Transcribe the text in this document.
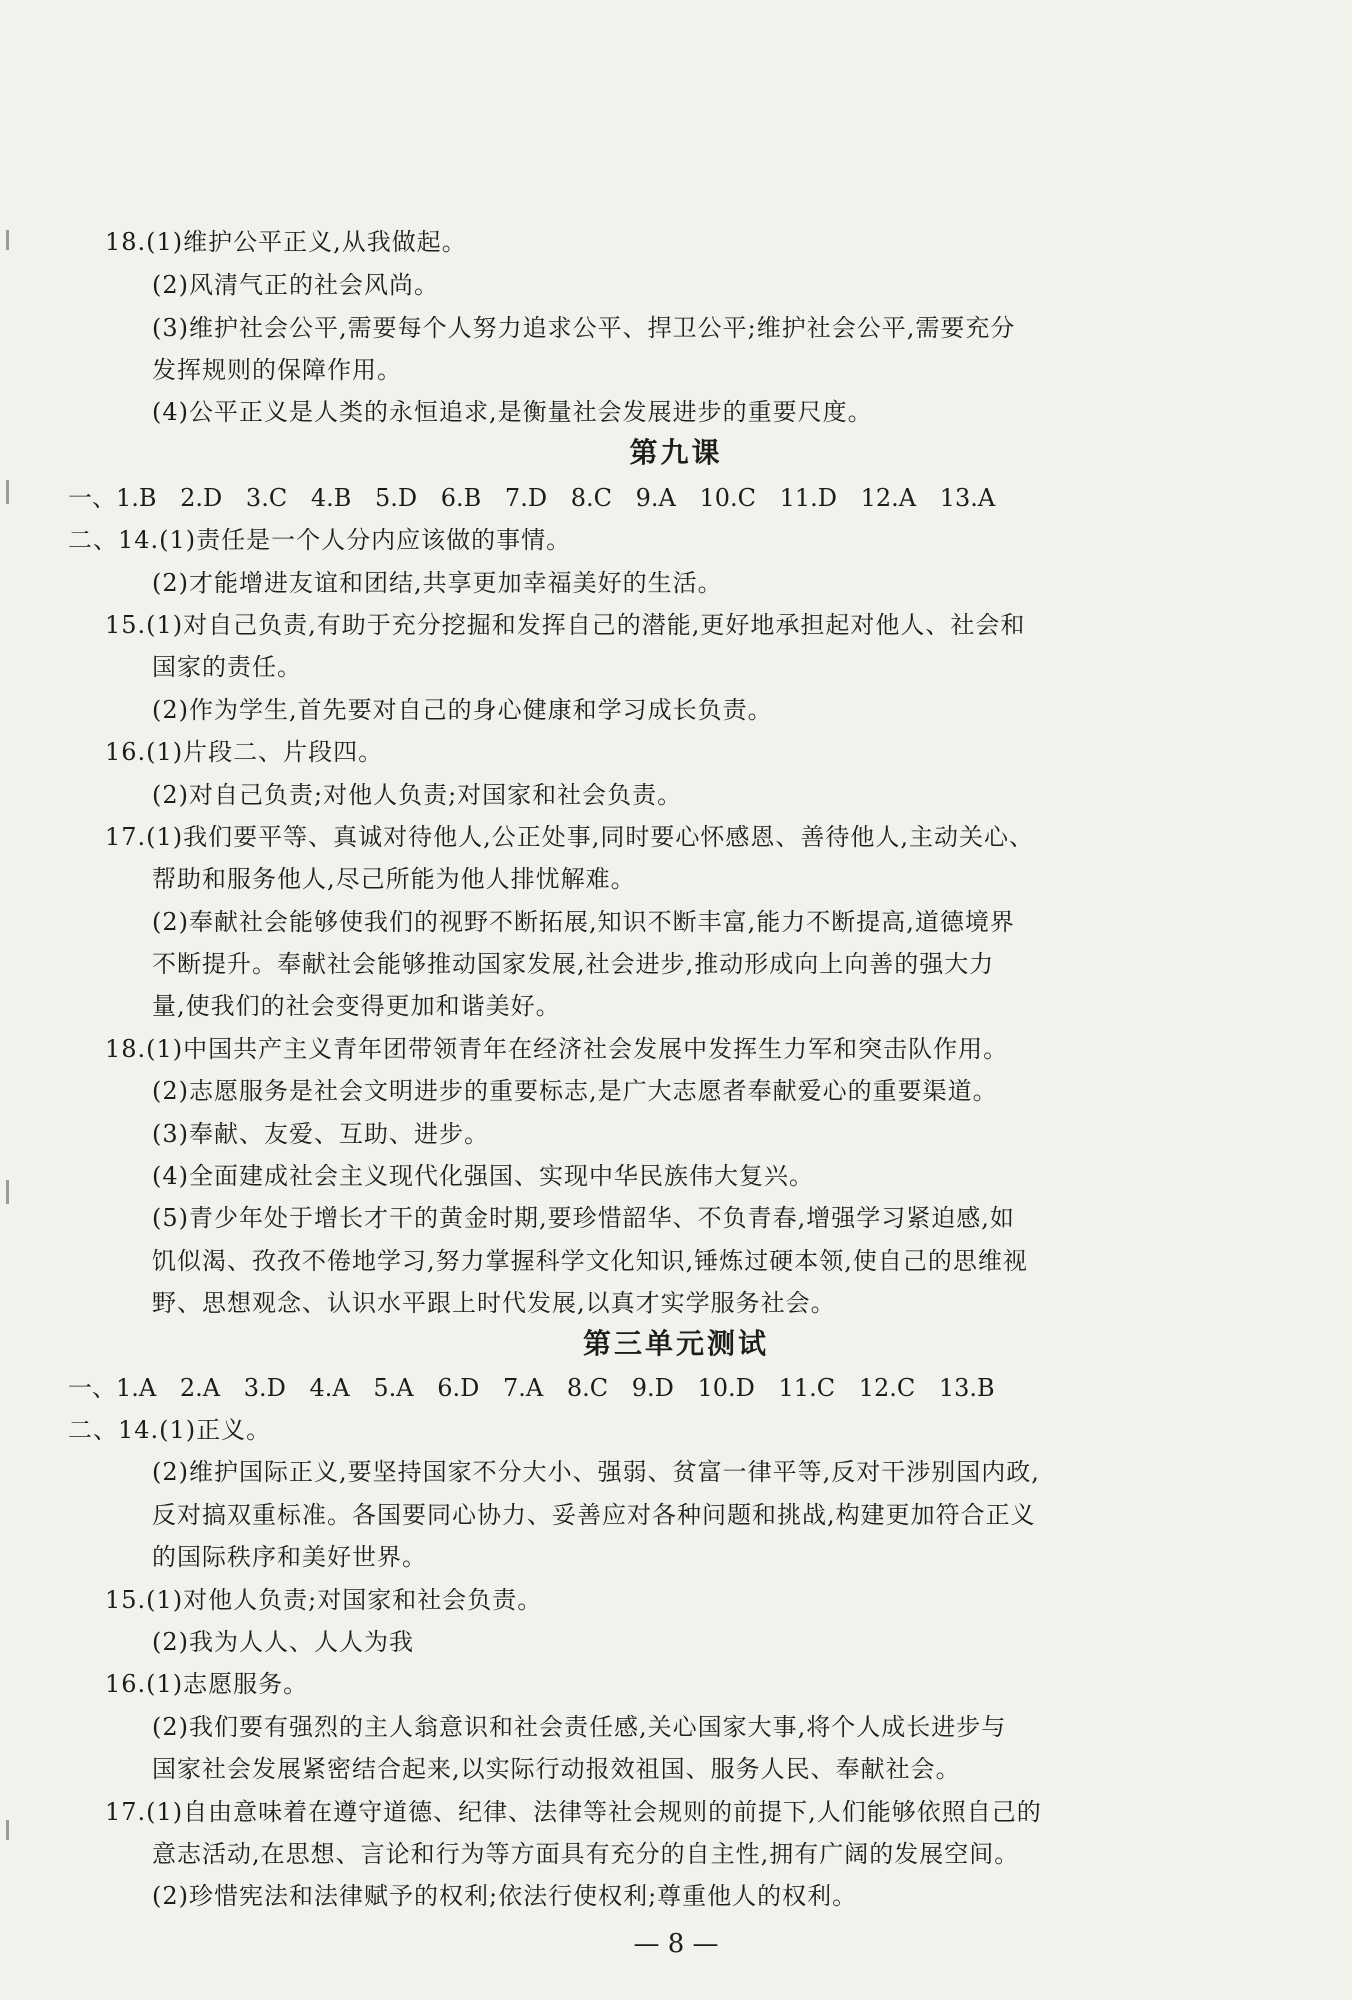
18.(1)维护公平正义,从我做起。
(2)风清气正的社会风尚。
(3)维护社会公平,需要每个人努力追求公平、捍卫公平;维护社会公平,需要充分
发挥规则的保障作用。
(4)公平正义是人类的永恒追求,是衡量社会发展进步的重要尺度。
第九课
一、1.B 2.D 3.C 4.B 5.D 6.B 7.D 8.C 9.A 10.C 11.D 12.A 13.A
二、14.(1)责任是一个人分内应该做的事情。
(2)才能增进友谊和团结,共享更加幸福美好的生活。
15.(1)对自己负责,有助于充分挖掘和发挥自己的潜能,更好地承担起对他人、社会和
国家的责任。
(2)作为学生,首先要对自己的身心健康和学习成长负责。
16.(1)片段二、片段四。
(2)对自己负责;对他人负责;对国家和社会负责。
17.(1)我们要平等、真诚对待他人,公正处事,同时要心怀感恩、善待他人,主动关心、
帮助和服务他人,尽己所能为他人排忧解难。
(2)奉献社会能够使我们的视野不断拓展,知识不断丰富,能力不断提高,道德境界
不断提升。奉献社会能够推动国家发展,社会进步,推动形成向上向善的强大力
量,使我们的社会变得更加和谐美好。
18.(1)中国共产主义青年团带领青年在经济社会发展中发挥生力军和突击队作用。
(2)志愿服务是社会文明进步的重要标志,是广大志愿者奉献爱心的重要渠道。
(3)奉献、友爱、互助、进步。
(4)全面建成社会主义现代化强国、实现中华民族伟大复兴。
(5)青少年处于增长才干的黄金时期,要珍惜韶华、不负青春,增强学习紧迫感,如
饥似渴、孜孜不倦地学习,努力掌握科学文化知识,锤炼过硬本领,使自己的思维视
野、思想观念、认识水平跟上时代发展,以真才实学服务社会。
第三单元测试
一、1.A 2.A 3.D 4.A 5.A 6.D 7.A 8.C 9.D 10.D 11.C 12.C 13.B
二、14.(1)正义。
(2)维护国际正义,要坚持国家不分大小、强弱、贫富一律平等,反对干涉别国内政,
反对搞双重标准。各国要同心协力、妥善应对各种问题和挑战,构建更加符合正义
的国际秩序和美好世界。
15.(1)对他人负责;对国家和社会负责。
(2)我为人人、人人为我
16.(1)志愿服务。
(2)我们要有强烈的主人翁意识和社会责任感,关心国家大事,将个人成长进步与
国家社会发展紧密结合起来,以实际行动报效祖国、服务人民、奉献社会。
17.(1)自由意味着在遵守道德、纪律、法律等社会规则的前提下,人们能够依照自己的
意志活动,在思想、言论和行为等方面具有充分的自主性,拥有广阔的发展空间。
(2)珍惜宪法和法律赋予的权利;依法行使权利;尊重他人的权利。
— 8 —
